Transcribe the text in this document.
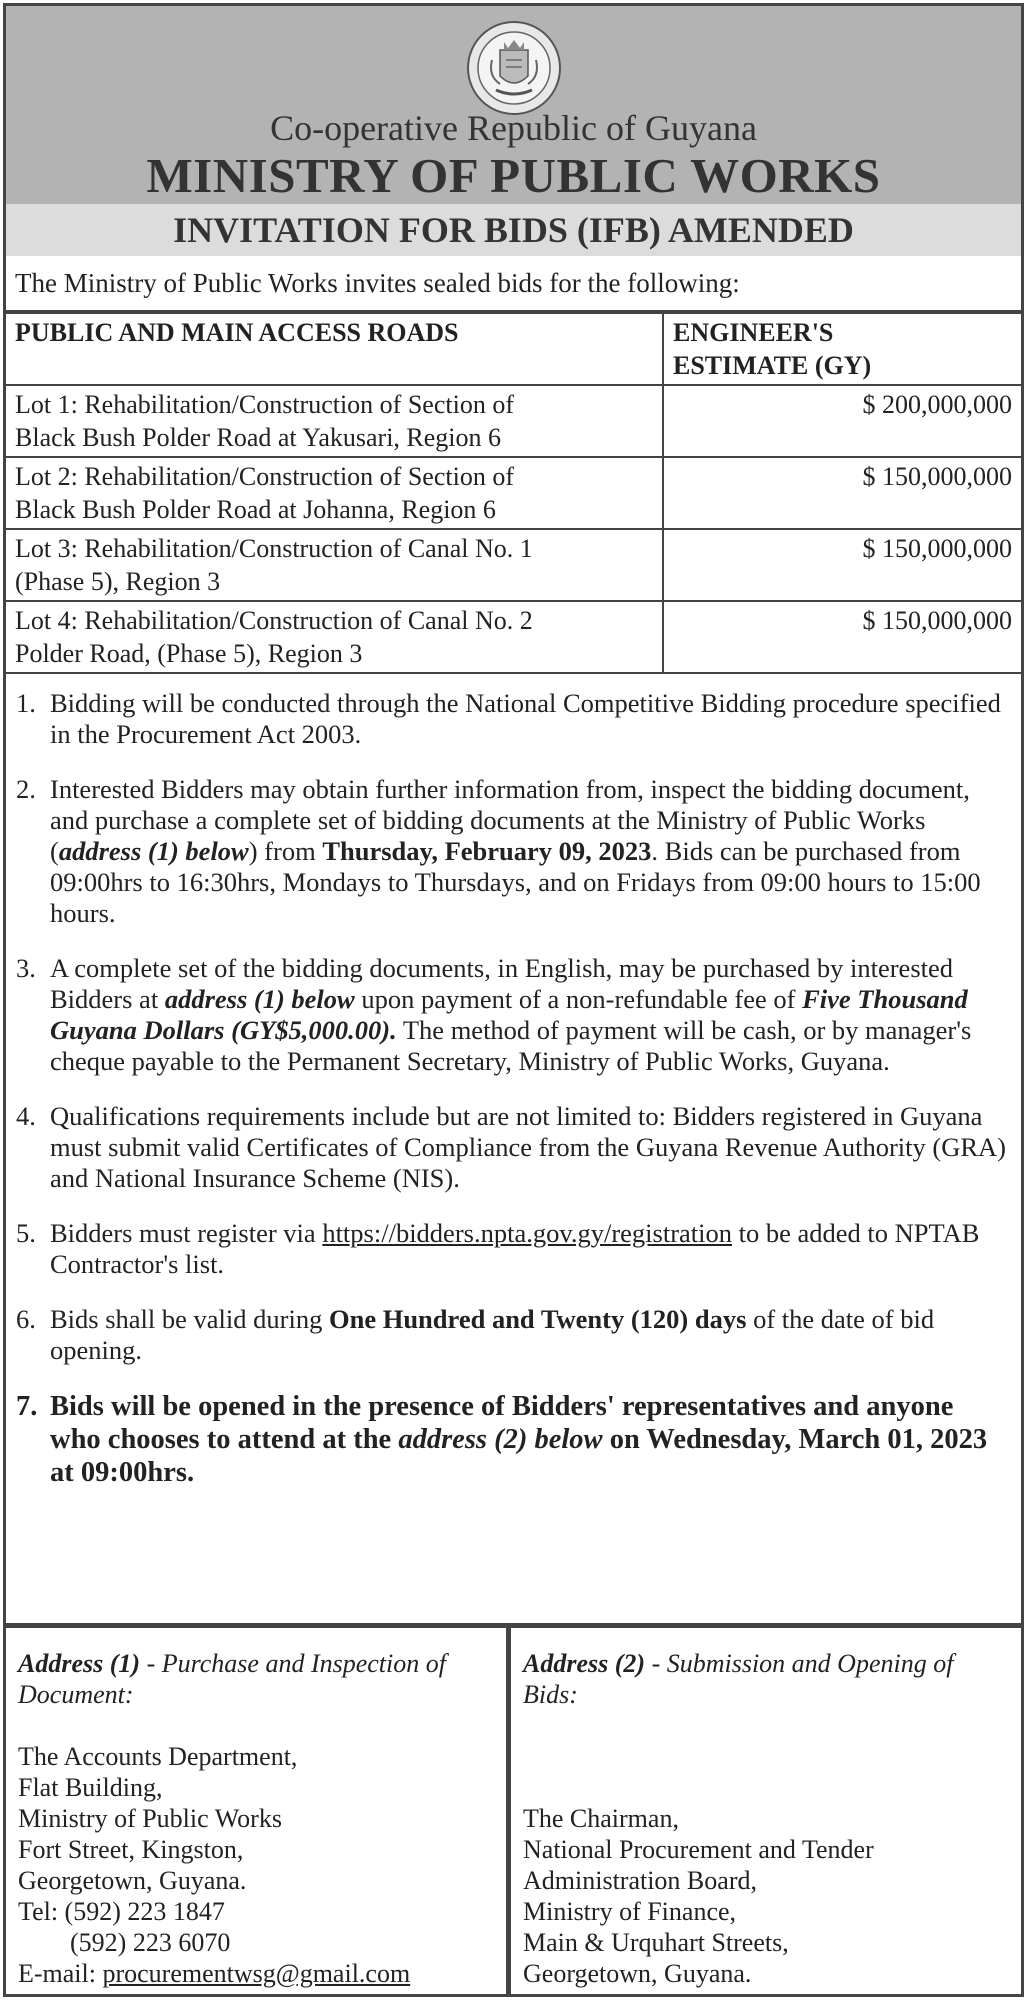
Co-operative Republic of Guyana
MINISTRY OF PUBLIC WORKS
INVITATION FOR BIDS (IFB) AMENDED
The Ministry of Public Works invites sealed bids for the following:
PUBLIC AND MAIN ACCESS ROADS	ENGINEER'S
ESTIMATE (GY)
Lot 1: Rehabilitation/Construction of Section of
Black Bush Polder Road at Yakusari, Region 6	$ 200,000,000
Lot 2: Rehabilitation/Construction of Section of
Black Bush Polder Road at Johanna, Region 6	$ 150,000,000
Lot 3: Rehabilitation/Construction of Canal No. 1
(Phase 5), Region 3	$ 150,000,000
Lot 4: Rehabilitation/Construction of Canal No. 2
Polder Road, (Phase 5), Region 3	$ 150,000,000
1. Bidding will be conducted through the National Competitive Bidding procedure specified in the Procurement Act 2003.
2. Interested Bidders may obtain further information from, inspect the bidding document, and purchase a complete set of bidding documents at the Ministry of Public Works (address (1) below) from Thursday, February 09, 2023. Bids can be purchased from 09:00hrs to 16:30hrs, Mondays to Thursdays, and on Fridays from 09:00 hours to 15:00 hours.
3. A complete set of the bidding documents, in English, may be purchased by interested Bidders at address (1) below upon payment of a non-refundable fee of Five Thousand Guyana Dollars (GY$5,000.00). The method of payment will be cash, or by manager's cheque payable to the Permanent Secretary, Ministry of Public Works, Guyana.
4. Qualifications requirements include but are not limited to: Bidders registered in Guyana must submit valid Certificates of Compliance from the Guyana Revenue Authority (GRA) and National Insurance Scheme (NIS).
5. Bidders must register via https://bidders.npta.gov.gy/registration to be added to NPTAB Contractor's list.
6. Bids shall be valid during One Hundred and Twenty (120) days of the date of bid opening.
7. Bids will be opened in the presence of Bidders' representatives and anyone who chooses to attend at the address (2) below on Wednesday, March 01, 2023 at 09:00hrs.
Address (1) - Purchase and Inspection of Document:
The Accounts Department,
Flat Building,
Ministry of Public Works
Fort Street, Kingston,
Georgetown, Guyana.
Tel: (592) 223 1847
(592) 223 6070
E-mail: procurementwsg@gmail.com
Address (2) - Submission and Opening of Bids:
The Chairman,
National Procurement and Tender
Administration Board,
Ministry of Finance,
Main & Urquhart Streets,
Georgetown, Guyana.
